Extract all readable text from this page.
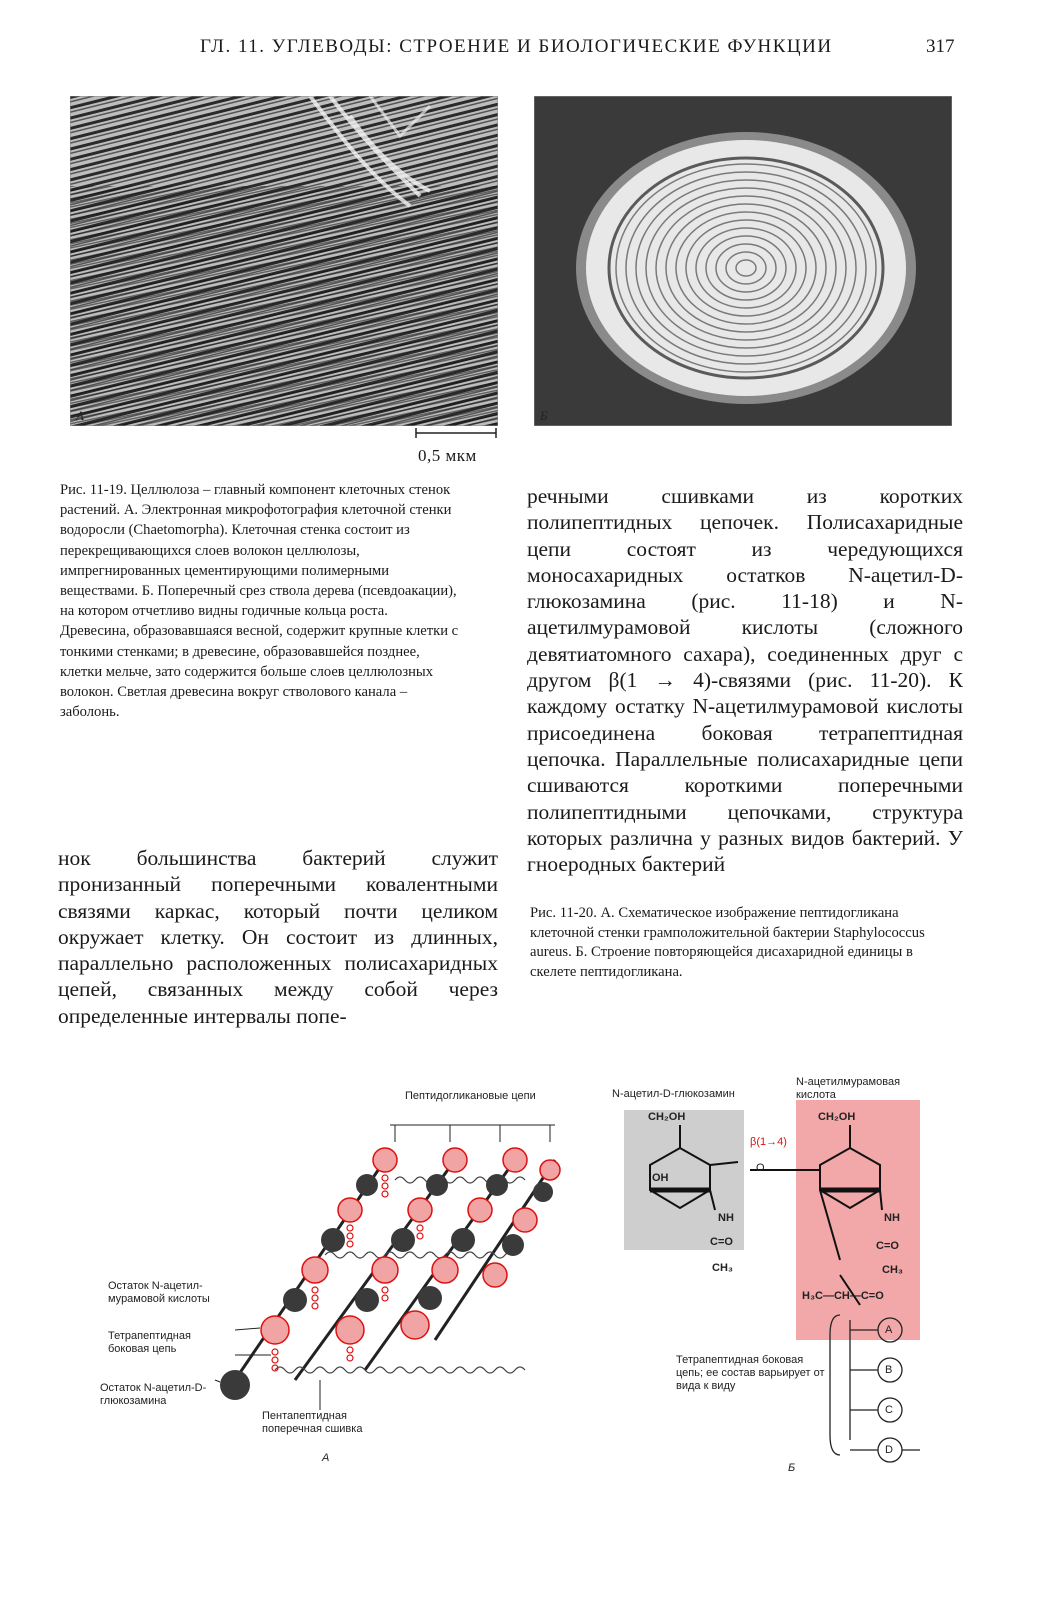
ГЛ. 11. УГЛЕВОДЫ: СТРОЕНИЕ И БИОЛОГИЧЕСКИЕ ФУНКЦИИ	317
А	Б
0,5 мкм
Рис. 11-19. Целлюлоза – главный компонент клеточных стенок растений. А. Электронная микрофотография клеточной стенки водоросли (Chaetomorpha). Клеточная стенка состоит из перекрещивающихся слоев волокон целлюлозы, импрегнированных цементирующими полимерными веществами. Б. Поперечный срез ствола дерева (псевдоакации), на котором отчетливо видны годичные кольца роста. Древесина, образовавшаяся весной, содержит крупные клетки с тонкими стенками; в древесине, образовавшейся позднее, клетки мельче, зато содержится больше слоев целлюлозных волокон. Светлая древесина вокруг стволового канала – заболонь.
нок большинства бактерий служит пронизанный поперечными ковалентными связями каркас, который почти целиком окружает клетку. Он состоит из длинных, параллельно расположенных полисахаридных цепей, связанных между собой через определенные интервалы попе-
речными сшивками из коротких полипептидных цепочек. Полисахаридные цепи состоят из чередующихся моносахаридных остатков N-ацетил-D-глюкозамина (рис. 11-18) и N-ацетилмурамовой кислоты (сложного девятиатомного сахара), соединенных друг с другом β(1 → 4)-связями (рис. 11-20). К каждому остатку N-ацетилмурамовой кислоты присоединена боковая тетрапептидная цепочка. Параллельные полисахаридные цепи сшиваются короткими поперечными полипептидными цепочками, структура которых различна у разных видов бактерий. У гноеродных бактерий
Рис. 11-20. А. Схематическое изображение пептидогликана клеточной стенки грамположительной бактерии Staphylococcus aureus. Б. Строение повторяющейся дисахаридной единицы в скелете пептидогликана.
Пептидогликановые цепи
Остаток N-ацетил-мурамовой кислоты
Тетрапептидная боковая цепь
Остаток N-ацетил-D-глюкозамина
Пентапептидная поперечная сшивка
А
N-ацетил-D-глюкозамин
N-ацетилмурамовая кислота
CH₂OH	CH₂OH
OH
NH
C=O
CH₃
NH
C=O
CH₃
O
β(1→4)
H₃C—CH—C=O
A
B
C
D
Тетрапептидная боковая цепь; ее состав варьирует от вида к виду
Б
